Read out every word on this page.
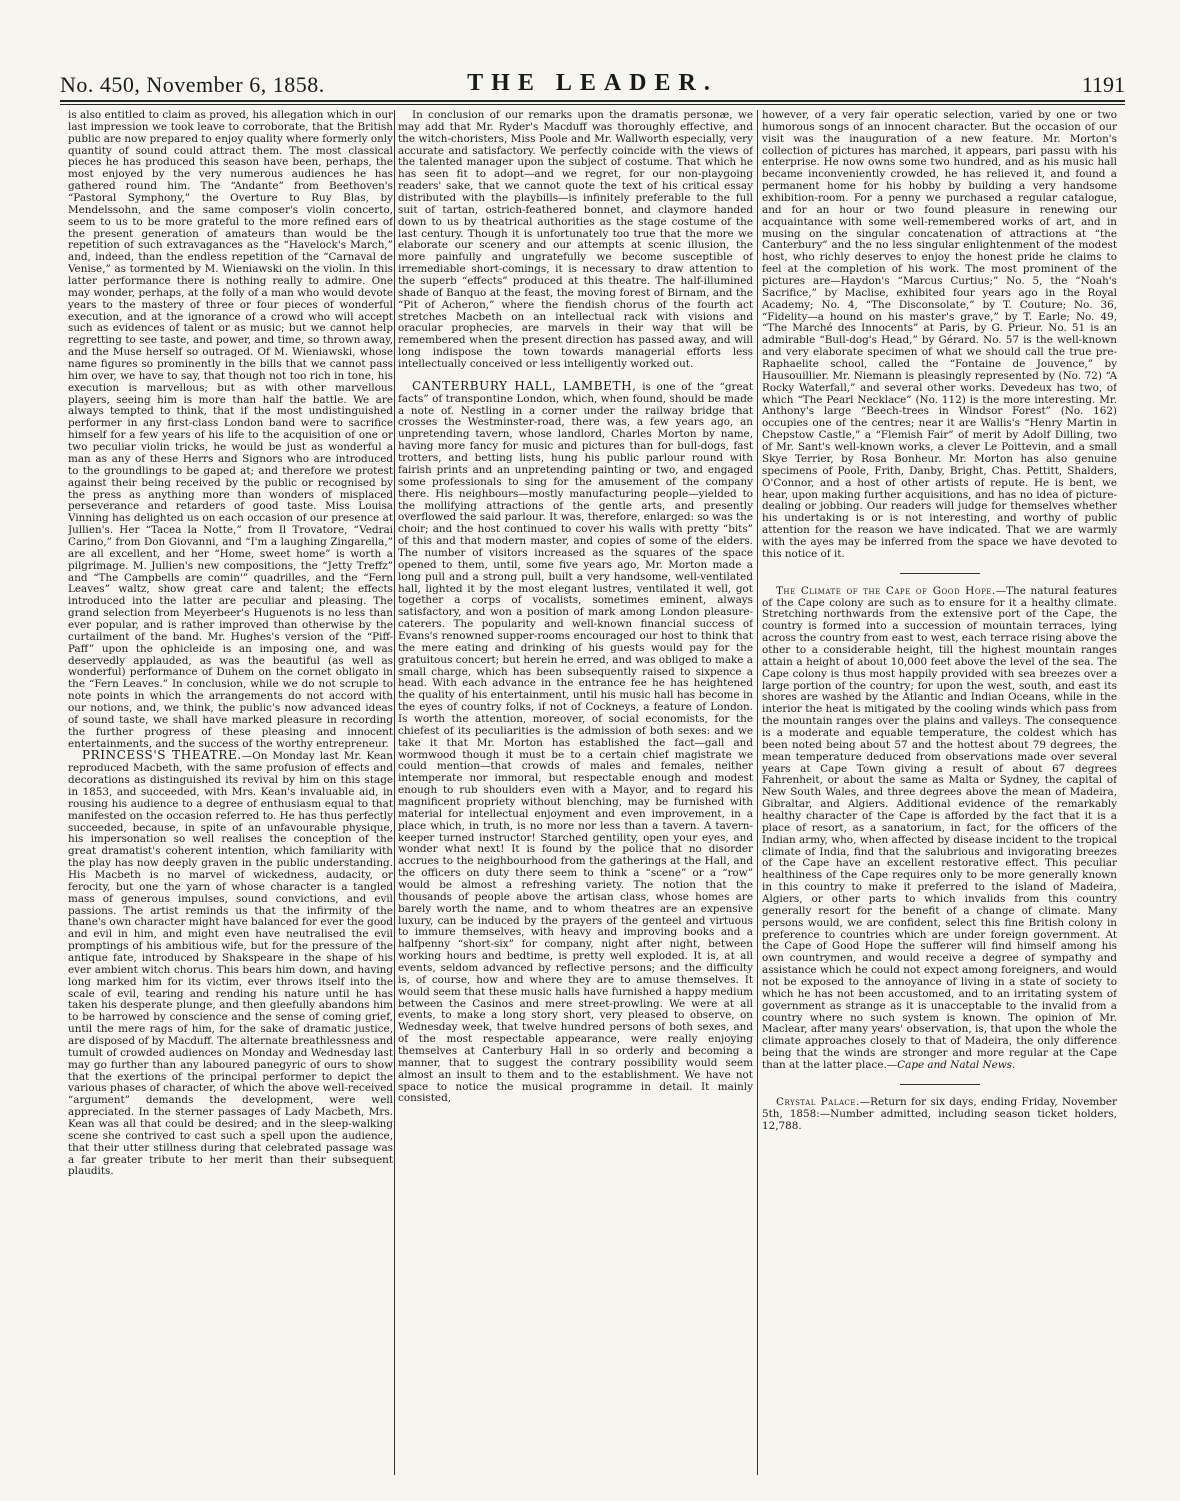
No. 450, November 6, 1858.	THE LEADER.	1191

is also entitled to claim as proved, his allegation which in our last impression we took leave to corroborate, that the British public are now prepared to enjoy quality where formerly only quantity of sound could attract them. The most classical pieces he has produced this season have been, perhaps, the most enjoyed by the very numerous audiences he has gathered round him. The “Andante” from Beethoven's “Pastoral Symphony,” the Overture to Ruy Blas, by Mendelssohn, and the same composer's violin concerto, seem to us to be more grateful to the more refined ears of the present generation of amateurs than would be the repetition of such extravagances as the “Havelock's March,” and, indeed, than the endless repetition of the “Carnaval de Venise,” as tormented by M. Wieniawski on the violin. In this latter performance there is nothing really to admire. One may wonder, perhaps, at the folly of a man who would devote years to the mastery of three or four pieces of wonderful execution, and at the ignorance of a crowd who will accept such as evidences of talent or as music; but we cannot help regretting to see taste, and power, and time, so thrown away, and the Muse herself so outraged. Of M. Wieniawski, whose name figures so prominently in the bills that we cannot pass him over, we have to say, that though not too rich in tone, his execution is marvellous; but as with other marvellous players, seeing him is more than half the battle. We are always tempted to think, that if the most undistinguished performer in any first-class London band were to sacrifice himself for a few years of his life to the acquisition of one or two peculiar violin tricks, he would be just as wonderful a man as any of these Herrs and Signors who are introduced to the groundlings to be gaped at; and therefore we protest against their being received by the public or recognised by the press as anything more than wonders of misplaced perseverance and retarders of good taste. Miss Louisa Vinning has delighted us on each occasion of our presence at Jullien's. Her “Tacea la Notte,” from Il Trovatore, “Vedrai Carino,” from Don Giovanni, and “I'm a laughing Zingarella,” are all excellent, and her “Home, sweet home” is worth a pilgrimage. M. Jullien's new compositions, the “Jetty Treffz” and “The Campbells are comin'” quadrilles, and the “Fern Leaves” waltz, show great care and talent; the effects introduced into the latter are peculiar and pleasing. The grand selection from Meyerbeer's Huguenots is no less than ever popular, and is rather improved than otherwise by the curtailment of the band. Mr. Hughes's version of the “Piff-Paff” upon the ophicleide is an imposing one, and was deservedly applauded, as was the beautiful (as well as wonderful) performance of Duhem on the cornet obligato in the “Fern Leaves.” In conclusion, while we do not scruple to note points in which the arrangements do not accord with our notions, and, we think, the public's now advanced ideas of sound taste, we shall have marked pleasure in recording the further progress of these pleasing and innocent entertainments, and the success of the worthy entrepreneur.

PRINCESS'S THEATRE.—On Monday last Mr. Kean reproduced Macbeth, with the same profusion of effects and decorations as distinguished its revival by him on this stage in 1853, and succeeded, with Mrs. Kean's invaluable aid, in rousing his audience to a degree of enthusiasm equal to that manifested on the occasion referred to. He has thus perfectly succeeded, because, in spite of an unfavourable physique, his impersonation so well realises the conception of the great dramatist's coherent intention, which familiarity with the play has now deeply graven in the public understanding. His Macbeth is no marvel of wickedness, audacity, or ferocity, but one the yarn of whose character is a tangled mass of generous impulses, sound convictions, and evil passions. The artist reminds us that the infirmity of the thane's own character might have balanced for ever the good and evil in him, and might even have neutralised the evil promptings of his ambitious wife, but for the pressure of the antique fate, introduced by Shakspeare in the shape of his ever ambient witch chorus. This bears him down, and having long marked him for its victim, ever throws itself into the scale of evil, tearing and rending his nature until he has taken his desperate plunge, and then gleefully abandons him to be harrowed by conscience and the sense of coming grief, until the mere rags of him, for the sake of dramatic justice, are disposed of by Macduff. The alternate breathlessness and tumult of crowded audiences on Monday and Wednesday last may go further than any laboured panegyric of ours to show that the exertions of the principal performer to depict the various phases of character, of which the above well-received “argument” demands the development, were well appreciated. In the sterner passages of Lady Macbeth, Mrs. Kean was all that could be desired; and in the sleep-walking scene she contrived to cast such a spell upon the audience, that their utter stillness during that celebrated passage was a far greater tribute to her merit than their subsequent plaudits.

In conclusion of our remarks upon the dramatis personæ, we may add that Mr. Ryder's Macduff was thoroughly effective, and the witch-choristers, Miss Poole and Mr. Wallworth especially, very accurate and satisfactory. We perfectly coincide with the views of the talented manager upon the subject of costume. That which he has seen fit to adopt—and we regret, for our non-playgoing readers' sake, that we cannot quote the text of his critical essay distributed with the playbills—is infinitely preferable to the full suit of tartan, ostrich-feathered bonnet, and claymore handed down to us by theatrical authorities as the stage costume of the last century. Though it is unfortunately too true that the more we elaborate our scenery and our attempts at scenic illusion, the more painfully and ungratefully we become susceptible of irremediable short-comings, it is necessary to draw attention to the superb “effects” produced at this theatre. The half-illumined shade of Banquo at the feast, the moving forest of Birnam, and the “Pit of Acheron,” where the fiendish chorus of the fourth act stretches Macbeth on an intellectual rack with visions and oracular prophecies, are marvels in their way that will be remembered when the present direction has passed away, and will long indispose the town towards managerial efforts less intellectually conceived or less intelligently worked out.

CANTERBURY HALL, LAMBETH, is one of the “great facts” of transpontine London, which, when found, should be made a note of. Nestling in a corner under the railway bridge that crosses the Westminster-road, there was, a few years ago, an unpretending tavern, whose landlord, Charles Morton by name, having more fancy for music and pictures than for bull-dogs, fast trotters, and betting lists, hung his public parlour round with fairish prints and an unpretending painting or two, and engaged some professionals to sing for the amusement of the company there. His neighbours—mostly manufacturing people—yielded to the mollifying attractions of the gentle arts, and presently overflowed the said parlour. It was, therefore, enlarged: so was the choir; and the host continued to cover his walls with pretty “bits” of this and that modern master, and copies of some of the elders. The number of visitors increased as the squares of the space opened to them, until, some five years ago, Mr. Morton made a long pull and a strong pull, built a very handsome, well-ventilated hall, lighted it by the most elegant lustres, ventilated it well, got together a corps of vocalists, sometimes eminent, always satisfactory, and won a position of mark among London pleasure-caterers. The popularity and well-known financial success of Evans's renowned supper-rooms encouraged our host to think that the mere eating and drinking of his guests would pay for the gratuitous concert; but herein he erred, and was obliged to make a small charge, which has been subsequently raised to sixpence a head. With each advance in the entrance fee he has heightened the quality of his entertainment, until his music hall has become in the eyes of country folks, if not of Cockneys, a feature of London. Is worth the attention, moreover, of social economists, for the chiefest of its peculiarities is the admission of both sexes: and we take it that Mr. Morton has established the fact—gall and wormwood though it must be to a certain chief magistrate we could mention—that crowds of males and females, neither intemperate nor immoral, but respectable enough and modest enough to rub shoulders even with a Mayor, and to regard his magnificent propriety without blenching, may be furnished with material for intellectual enjoyment and even improvement, in a place which, in truth, is no more nor less than a tavern. A tavern-keeper turned instructor! Starched gentility, open your eyes, and wonder what next! It is found by the police that no disorder accrues to the neighbourhood from the gatherings at the Hall, and the officers on duty there seem to think a “scene” or a “row” would be almost a refreshing variety. The notion that the thousands of people above the artisan class, whose homes are barely worth the name, and to whom theatres are an expensive luxury, can be induced by the prayers of the genteel and virtuous to immure themselves, with heavy and improving books and a halfpenny “short-six” for company, night after night, between working hours and bedtime, is pretty well exploded. It is, at all events, seldom advanced by reflective persons; and the difficulty is, of course, how and where they are to amuse themselves. It would seem that these music halls have furnished a happy medium between the Casinos and mere street-prowling. We were at all events, to make a long story short, very pleased to observe, on Wednesday week, that twelve hundred persons of both sexes, and of the most respectable appearance, were really enjoying themselves at Canterbury Hall in so orderly and becoming a manner, that to suggest the contrary possibility would seem almost an insult to them and to the establishment. We have not space to notice the musical programme in detail. It mainly consisted,

however, of a very fair operatic selection, varied by one or two humorous songs of an innocent character. But the occasion of our visit was the inauguration of a new feature. Mr. Morton's collection of pictures has marched, it appears, pari passu with his enterprise. He now owns some two hundred, and as his music hall became inconveniently crowded, he has relieved it, and found a permanent home for his hobby by building a very handsome exhibition-room. For a penny we purchased a regular catalogue, and for an hour or two found pleasure in renewing our acquaintance with some well-remembered works of art, and in musing on the singular concatenation of attractions at “the Canterbury” and the no less singular enlightenment of the modest host, who richly deserves to enjoy the honest pride he claims to feel at the completion of his work. The most prominent of the pictures are—Haydon's “Marcus Curtius;” No. 5, the “Noah's Sacrifice,” by Maclise, exhibited four years ago in the Royal Academy; No. 4, “The Disconsolate,” by T. Couture; No. 36, “Fidelity—a hound on his master's grave,” by T. Earle; No. 49, “The Marché des Innocents” at Paris, by G. Prieur. No. 51 is an admirable “Bull-dog's Head,” by Gérard. No. 57 is the well-known and very elaborate specimen of what we should call the true pre-Raphaelite school, called the “Fontaine de Jouvence,” by Hausouillier. Mr. Niemann is pleasingly represented by (No. 72) “A Rocky Waterfall,” and several other works. Devedeux has two, of which “The Pearl Necklace” (No. 112) is the more interesting. Mr. Anthony's large “Beech-trees in Windsor Forest” (No. 162) occupies one of the centres; near it are Wallis's “Henry Martin in Chepstow Castle,” a “Flemish Fair” of merit by Adolf Dilling, two of Mr. Sant's well-known works, a clever Le Poittevin, and a small Skye Terrier, by Rosa Bonheur. Mr. Morton has also genuine specimens of Poole, Frith, Danby, Bright, Chas. Pettitt, Shalders, O'Connor, and a host of other artists of repute. He is bent, we hear, upon making further acquisitions, and has no idea of picture-dealing or jobbing. Our readers will judge for themselves whether his undertaking is or is not interesting, and worthy of public attention for the reason we have indicated. That we are warmly with the ayes may be inferred from the space we have devoted to this notice of it.

The Climate of the Cape of Good Hope.—The natural features of the Cape colony are such as to ensure for it a healthy climate. Stretching northwards from the extensive port of the Cape, the country is formed into a succession of mountain terraces, lying across the country from east to west, each terrace rising above the other to a considerable height, till the highest mountain ranges attain a height of about 10,000 feet above the level of the sea. The Cape colony is thus most happily provided with sea breezes over a large portion of the country; for upon the west, south, and east its shores are washed by the Atlantic and Indian Oceans, while in the interior the heat is mitigated by the cooling winds which pass from the mountain ranges over the plains and valleys. The consequence is a moderate and equable temperature, the coldest which has been noted being about 57 and the hottest about 79 degrees, the mean temperature deduced from observations made over several years at Cape Town giving a result of about 67 degrees Fahrenheit, or about the same as Malta or Sydney, the capital of New South Wales, and three degrees above the mean of Madeira, Gibraltar, and Algiers. Additional evidence of the remarkably healthy character of the Cape is afforded by the fact that it is a place of resort, as a sanatorium, in fact, for the officers of the Indian army, who, when affected by disease incident to the tropical climate of India, find that the salubrious and invigorating breezes of the Cape have an excellent restorative effect. This peculiar healthiness of the Cape requires only to be more generally known in this country to make it preferred to the island of Madeira, Algiers, or other parts to which invalids from this country generally resort for the benefit of a change of climate. Many persons would, we are confident, select this fine British colony in preference to countries which are under foreign government. At the Cape of Good Hope the sufferer will find himself among his own countrymen, and would receive a degree of sympathy and assistance which he could not expect among foreigners, and would not be exposed to the annoyance of living in a state of society to which he has not been accustomed, and to an irritating system of government as strange as it is unacceptable to the invalid from a country where no such system is known. The opinion of Mr. Maclear, after many years' observation, is, that upon the whole the climate approaches closely to that of Madeira, the only difference being that the winds are stronger and more regular at the Cape than at the latter place.—Cape and Natal News.

Crystal Palace.—Return for six days, ending Friday, November 5th, 1858:—Number admitted, including season ticket holders, 12,788.
